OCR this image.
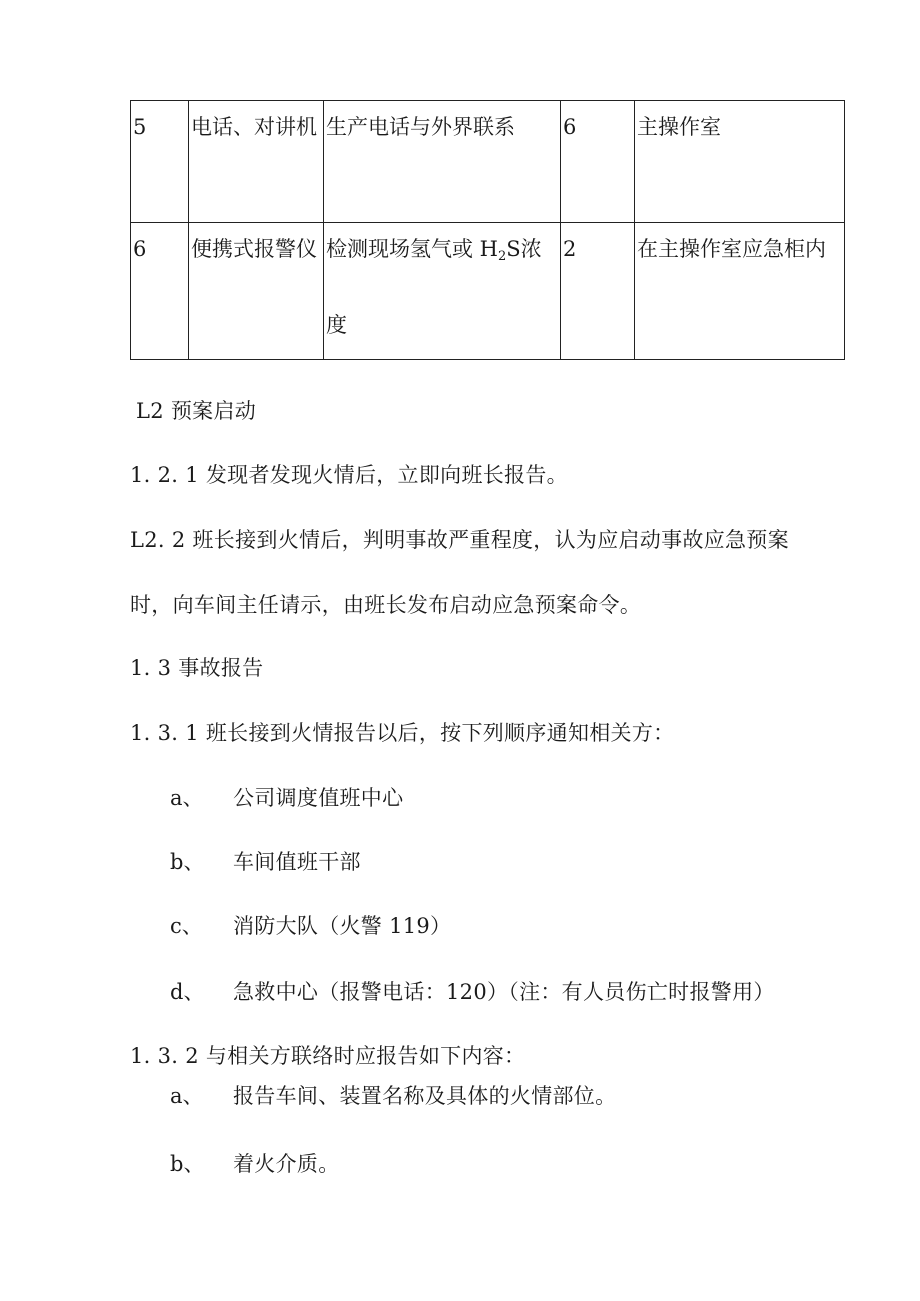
5	电话、对讲机	生产电话与外界联系	6	主操作室

6	便携式报警仪	检测现场氢气或 $H_2S$浓度	2	在主操作室应急柜内
L2 预案启动
1. 2. 1 发现者发现火情后，立即向班长报告。
L2. 2 班长接到火情后，判明事故严重程度，认为应启动事故应急预案
时，向车间主任请示，由班长发布启动应急预案命令。
1. 3 事故报告
1. 3. 1 班长接到火情报告以后，按下列顺序通知相关方：
a、 公司调度值班中心
b、 车间值班干部
c、 消防大队（火警 119）
d、 急救中心（报警电话：120）（注：有人员伤亡时报警用）
1. 3. 2 与相关方联络时应报告如下内容：
a、 报告车间、装置名称及具体的火情部位。
b、 着火介质。
